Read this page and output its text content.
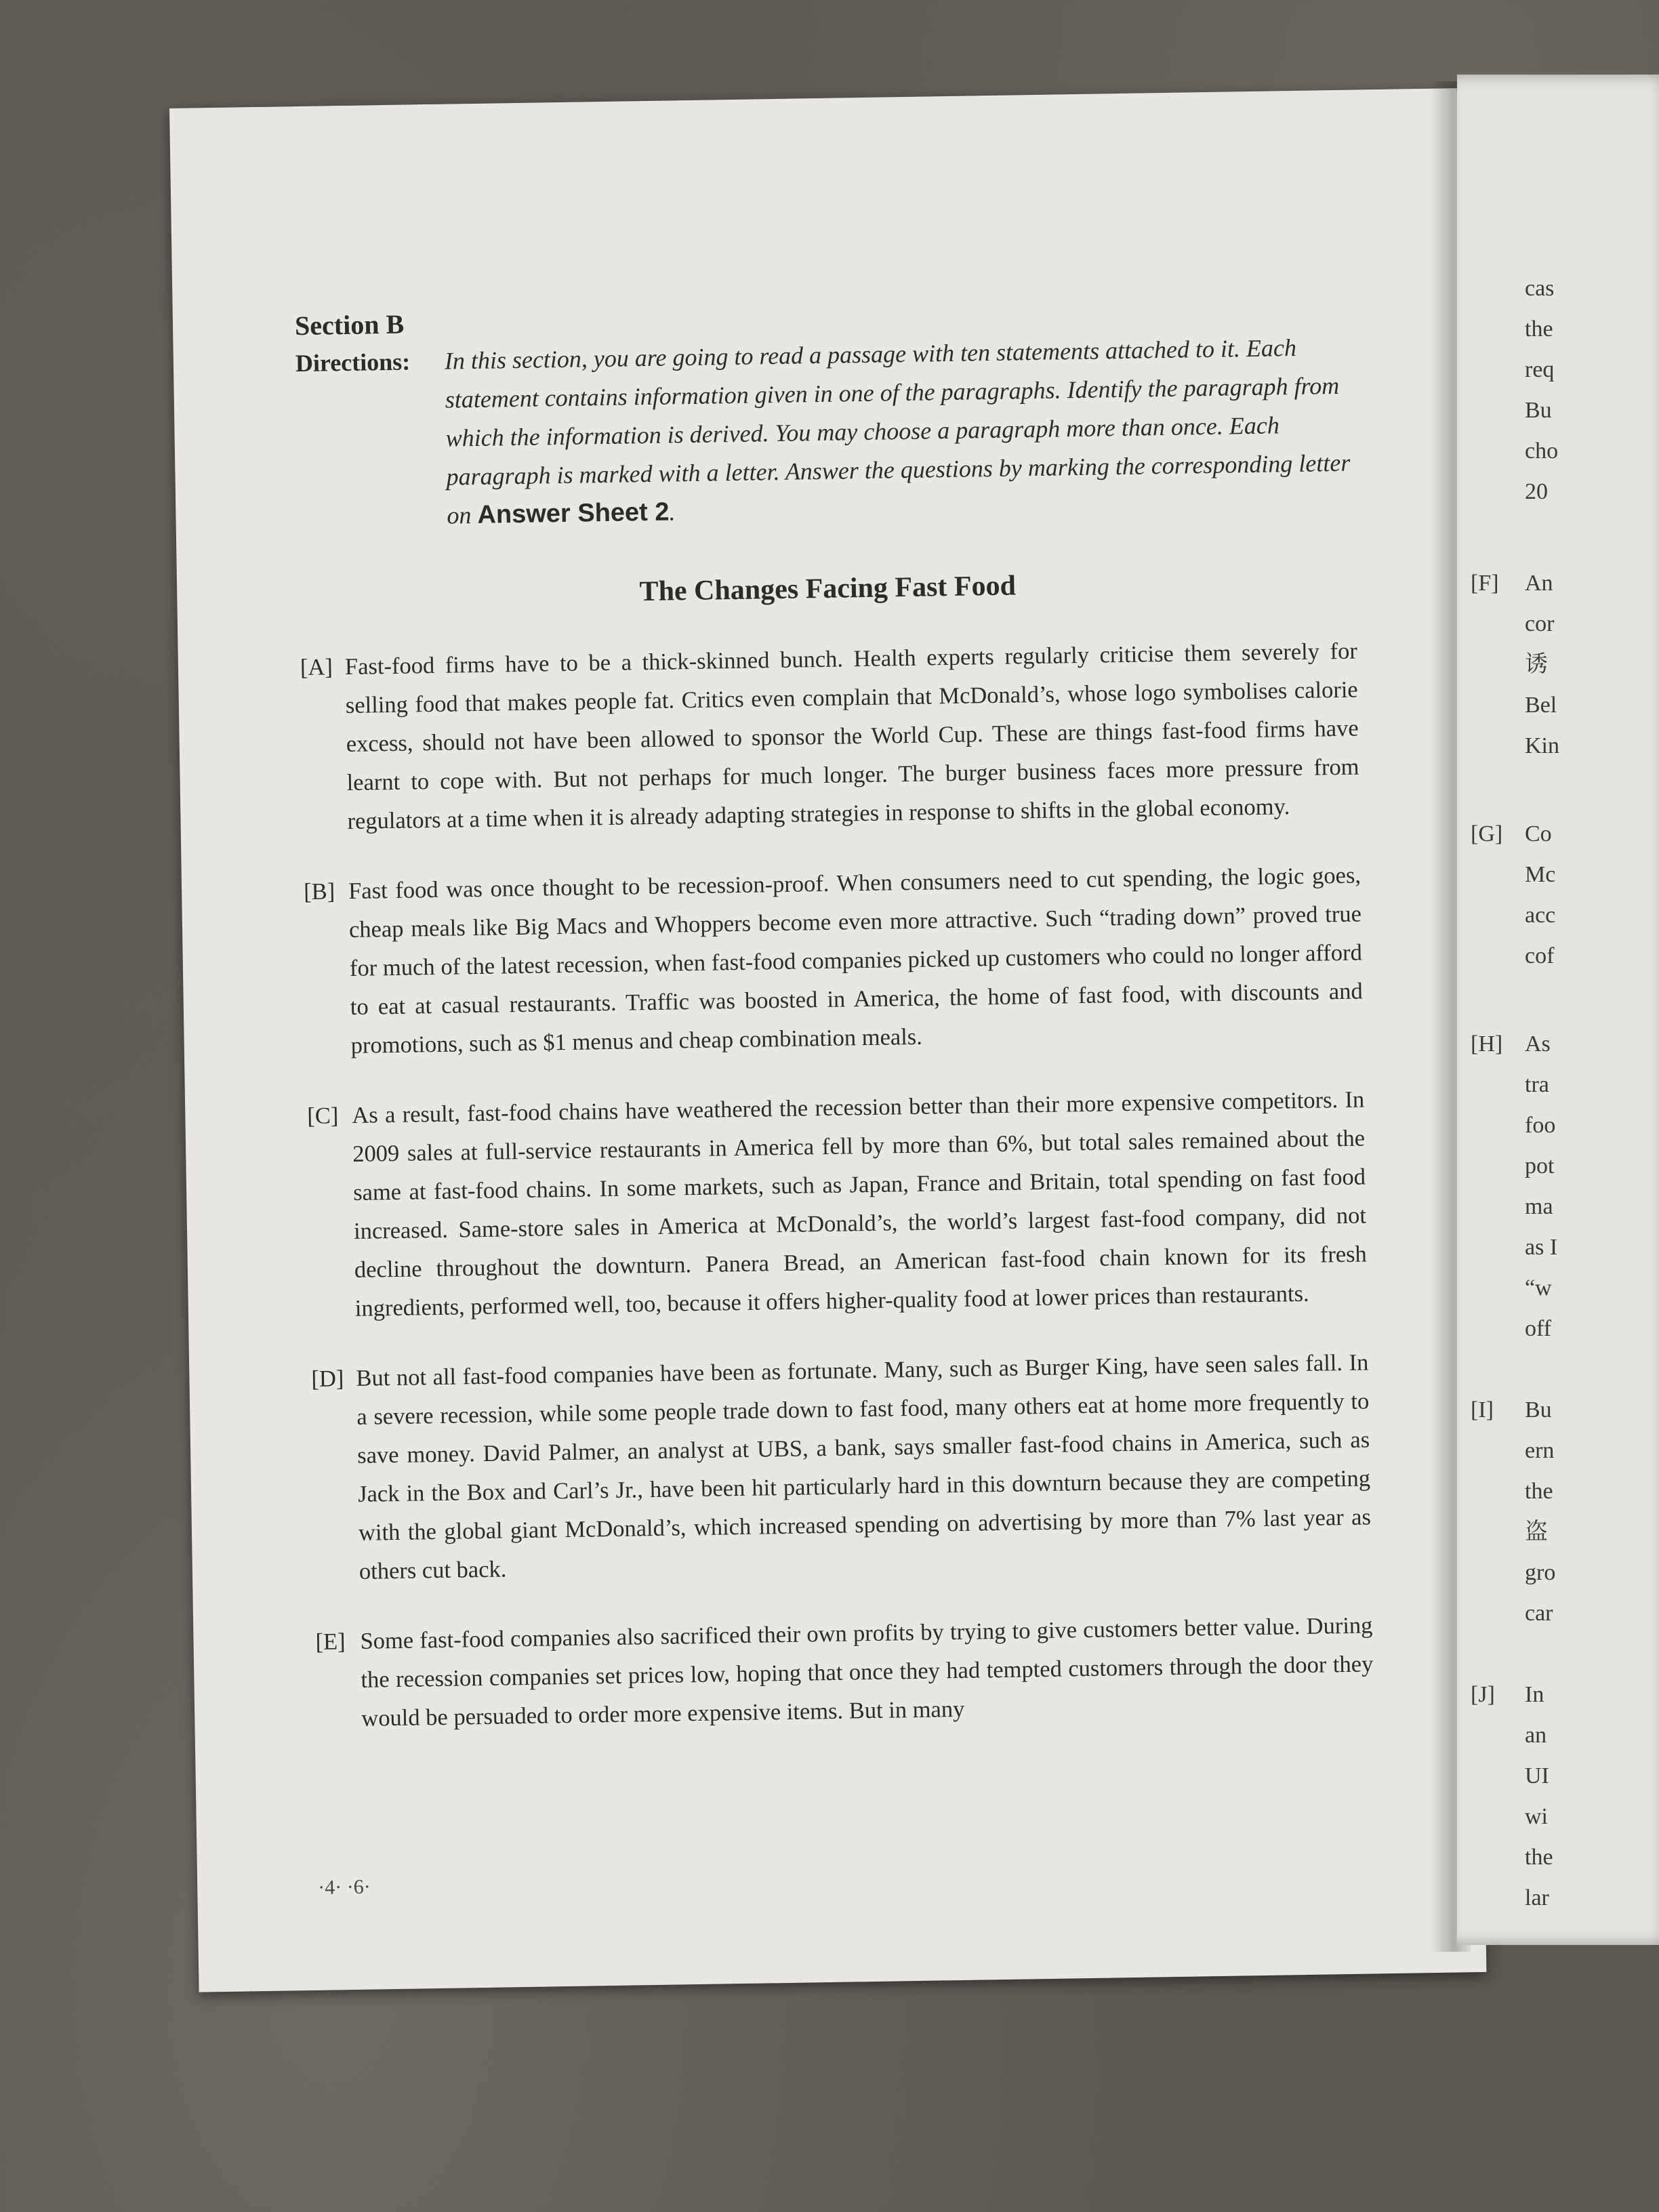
Section B
Directions:	In this section, you are going to read a passage with ten statements attached to it. Each statement contains information given in one of the paragraphs. Identify the paragraph from which the information is derived. You may choose a paragraph more than once. Each paragraph is marked with a letter. Answer the questions by marking the corresponding letter on Answer Sheet 2.
The Changes Facing Fast Food
[A] Fast-food firms have to be a thick-skinned bunch. Health experts regularly criticise them severely for selling food that makes people fat. Critics even complain that McDonald’s, whose logo symbolises calorie excess, should not have been allowed to sponsor the World Cup. These are things fast-food firms have learnt to cope with. But not perhaps for much longer. The burger business faces more pressure from regulators at a time when it is already adapting strategies in response to shifts in the global economy.
[B] Fast food was once thought to be recession-proof. When consumers need to cut spending, the logic goes, cheap meals like Big Macs and Whoppers become even more attractive. Such “trading down” proved true for much of the latest recession, when fast-food companies picked up customers who could no longer afford to eat at casual restaurants. Traffic was boosted in America, the home of fast food, with discounts and promotions, such as $1 menus and cheap combination meals.
[C] As a result, fast-food chains have weathered the recession better than their more expensive competitors. In 2009 sales at full-service restaurants in America fell by more than 6%, but total sales remained about the same at fast-food chains. In some markets, such as Japan, France and Britain, total spending on fast food increased. Same-store sales in America at McDonald’s, the world’s largest fast-food company, did not decline throughout the downturn. Panera Bread, an American fast-food chain known for its fresh ingredients, performed well, too, because it offers higher-quality food at lower prices than restaurants.
[D] But not all fast-food companies have been as fortunate. Many, such as Burger King, have seen sales fall. In a severe recession, while some people trade down to fast food, many others eat at home more frequently to save money. David Palmer, an analyst at UBS, a bank, says smaller fast-food chains in America, such as Jack in the Box and Carl’s Jr., have been hit particularly hard in this downturn because they are competing with the global giant McDonald’s, which increased spending on advertising by more than 7% last year as others cut back.
[E] Some fast-food companies also sacrificed their own profits by trying to give customers better value. During the recession companies set prices low, hoping that once they had tempted customers through the door they would be persuaded to order more expensive items. But in many
·4· ·6·
cas
the
req
Bu
cho
20
[F] An
cor
诱
Bel
Kin
[G] Co
Mc
acc
cof
[H] As
tra
foo
pot
ma
as I
“w
off
[I] Bu
ern
the
盗
gro
car
[J] In
an
UI
wi
the
lar
